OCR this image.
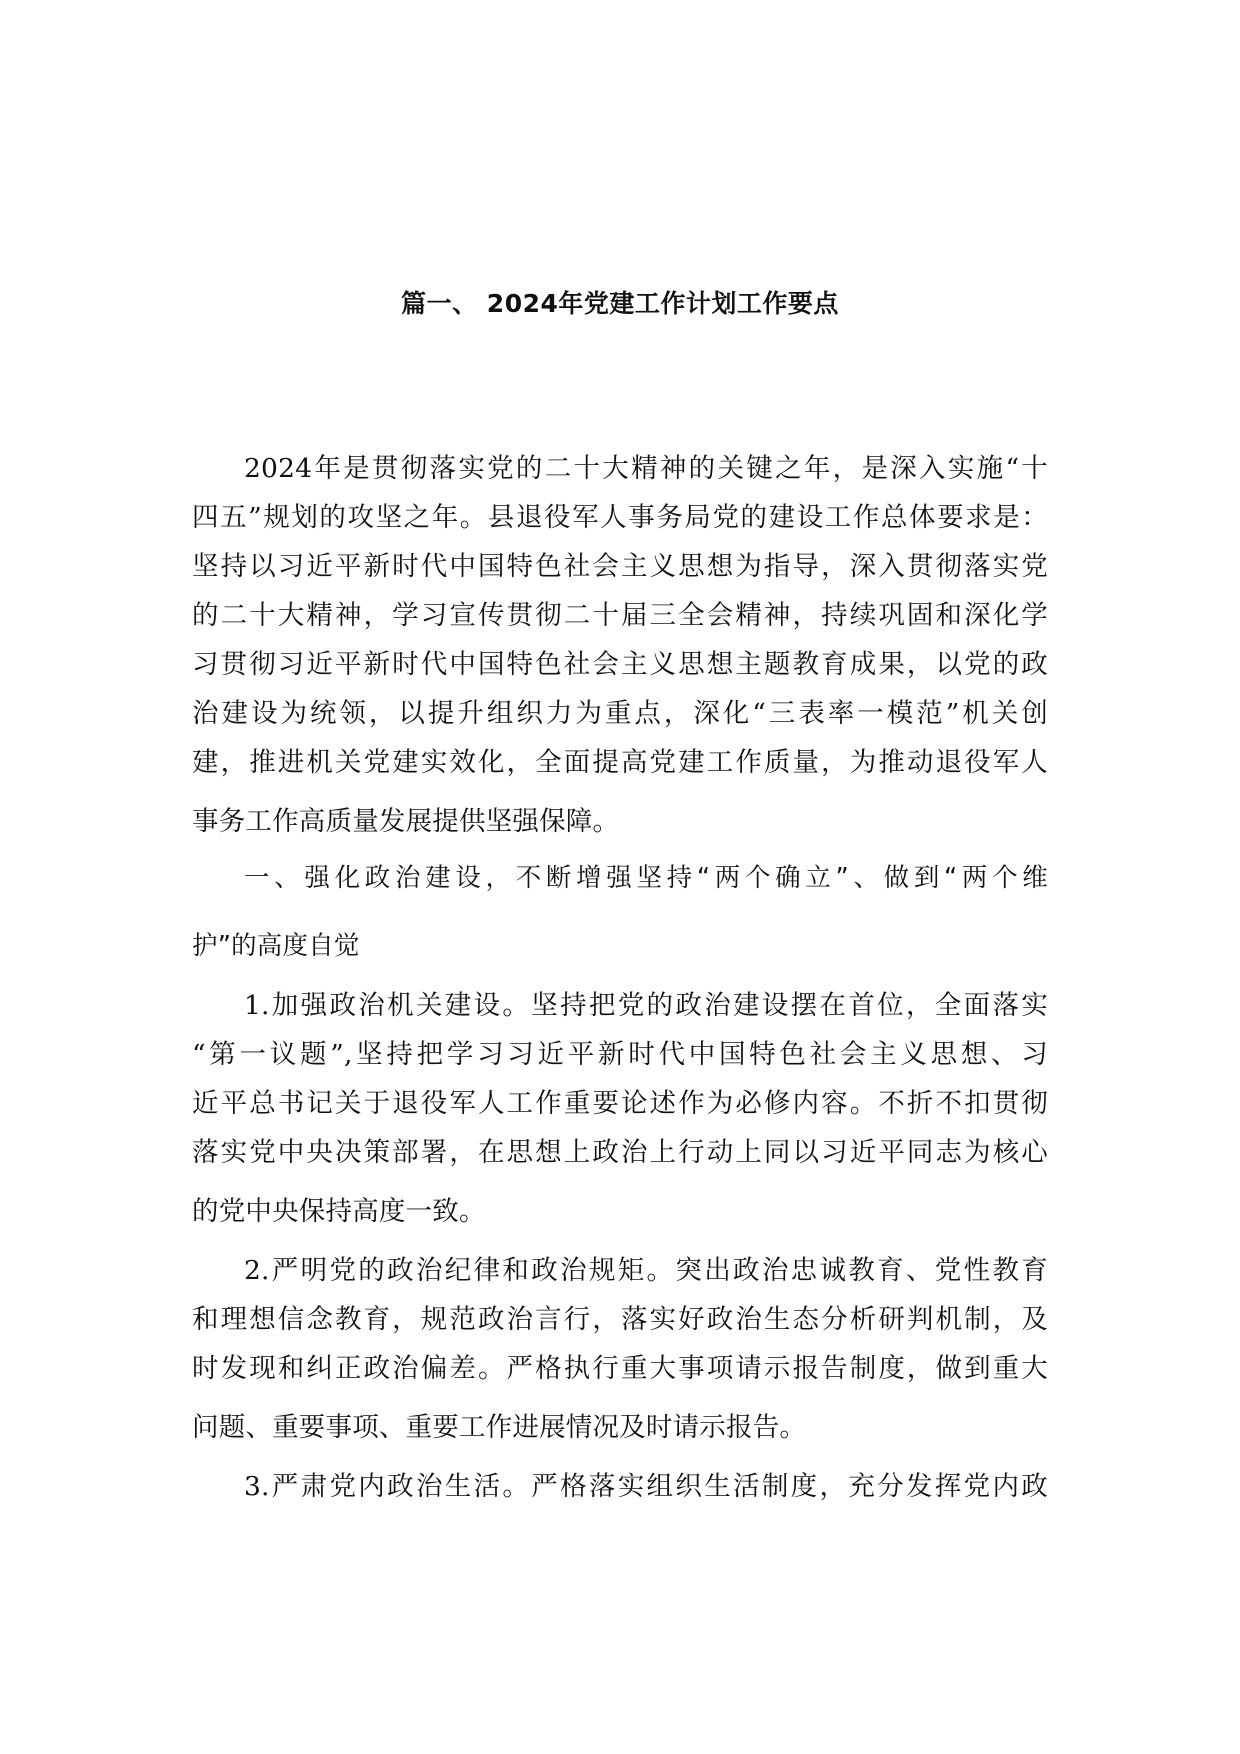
篇一、 2024年党建工作计划工作要点
2024年是贯彻落实党的二十大精神的关键之年，是深入实施“十
四五”规划的攻坚之年。县退役军人事务局党的建设工作总体要求是：
坚持以习近平新时代中国特色社会主义思想为指导，深入贯彻落实党
的二十大精神，学习宣传贯彻二十届三全会精神，持续巩固和深化学
习贯彻习近平新时代中国特色社会主义思想主题教育成果，以党的政
治建设为统领，以提升组织力为重点，深化“三表率一模范”机关创
建，推进机关党建实效化，全面提高党建工作质量，为推动退役军人
事务工作高质量发展提供坚强保障。
一、强化政治建设，不断增强坚持“两个确立”、做到“两个维
护”的高度自觉
1.加强政治机关建设。坚持把党的政治建设摆在首位，全面落实
“第一议题”,坚持把学习习近平新时代中国特色社会主义思想、习
近平总书记关于退役军人工作重要论述作为必修内容。不折不扣贯彻
落实党中央决策部署，在思想上政治上行动上同以习近平同志为核心
的党中央保持高度一致。
2.严明党的政治纪律和政治规矩。突出政治忠诚教育、党性教育
和理想信念教育，规范政治言行，落实好政治生态分析研判机制，及
时发现和纠正政治偏差。严格执行重大事项请示报告制度，做到重大
问题、重要事项、重要工作进展情况及时请示报告。
3.严肃党内政治生活。严格落实组织生活制度，充分发挥党内政
